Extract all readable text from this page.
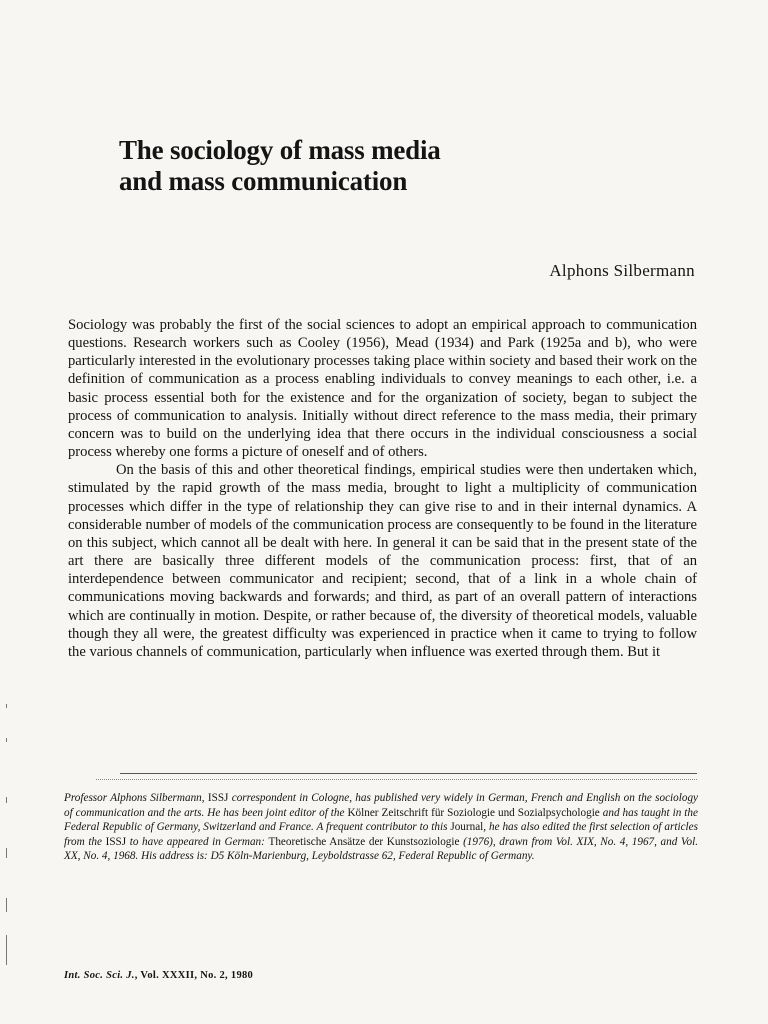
The sociology of mass media
and mass communication
Alphons Silbermann

Sociology was probably the first of the social sciences to adopt an empirical approach to communication questions. Research workers such as Cooley (1956), Mead (1934) and Park (1925a and b), who were particularly interested in the evolutionary processes taking place within society and based their work on the definition of communication as a process enabling individuals to convey meanings to each other, i.e. a basic process essential both for the existence and for the organization of society, began to subject the process of communication to analysis. Initially without direct reference to the mass media, their primary concern was to build on the underlying idea that there occurs in the individual consciousness a social process whereby one forms a picture of oneself and of others.

On the basis of this and other theoretical findings, empirical studies were then undertaken which, stimulated by the rapid growth of the mass media, brought to light a multiplicity of communication processes which differ in the type of relationship they can give rise to and in their internal dynamics. A considerable number of models of the communication process are consequently to be found in the literature on this subject, which cannot all be dealt with here. In general it can be said that in the present state of the art there are basically three different models of the communication process: first, that of an interdependence between communicator and recipient; second, that of a link in a whole chain of communications moving backwards and forwards; and third, as part of an overall pattern of interactions which are continually in motion. Despite, or rather because of, the diversity of theoretical models, valuable though they all were, the greatest difficulty was experienced in practice when it came to trying to follow the various channels of communication, particularly when influence was exerted through them. But it

Professor Alphons Silbermann, ISSJ correspondent in Cologne, has published very widely in German, French and English on the sociology of communication and the arts. He has been joint editor of the Kölner Zeitschrift für Soziologie und Sozialpsychologie and has taught in the Federal Republic of Germany, Switzerland and France. A frequent contributor to this Journal, he has also edited the first selection of articles from the ISSJ to have appeared in German: Theoretische Ansätze der Kunstsoziologie (1976), drawn from Vol. XIX, No. 4, 1967, and Vol. XX, No. 4, 1968. His address is: D5 Köln-Marienburg, Leyboldstrasse 62, Federal Republic of Germany.

Int. Soc. Sci. J., Vol. XXXII, No. 2, 1980
